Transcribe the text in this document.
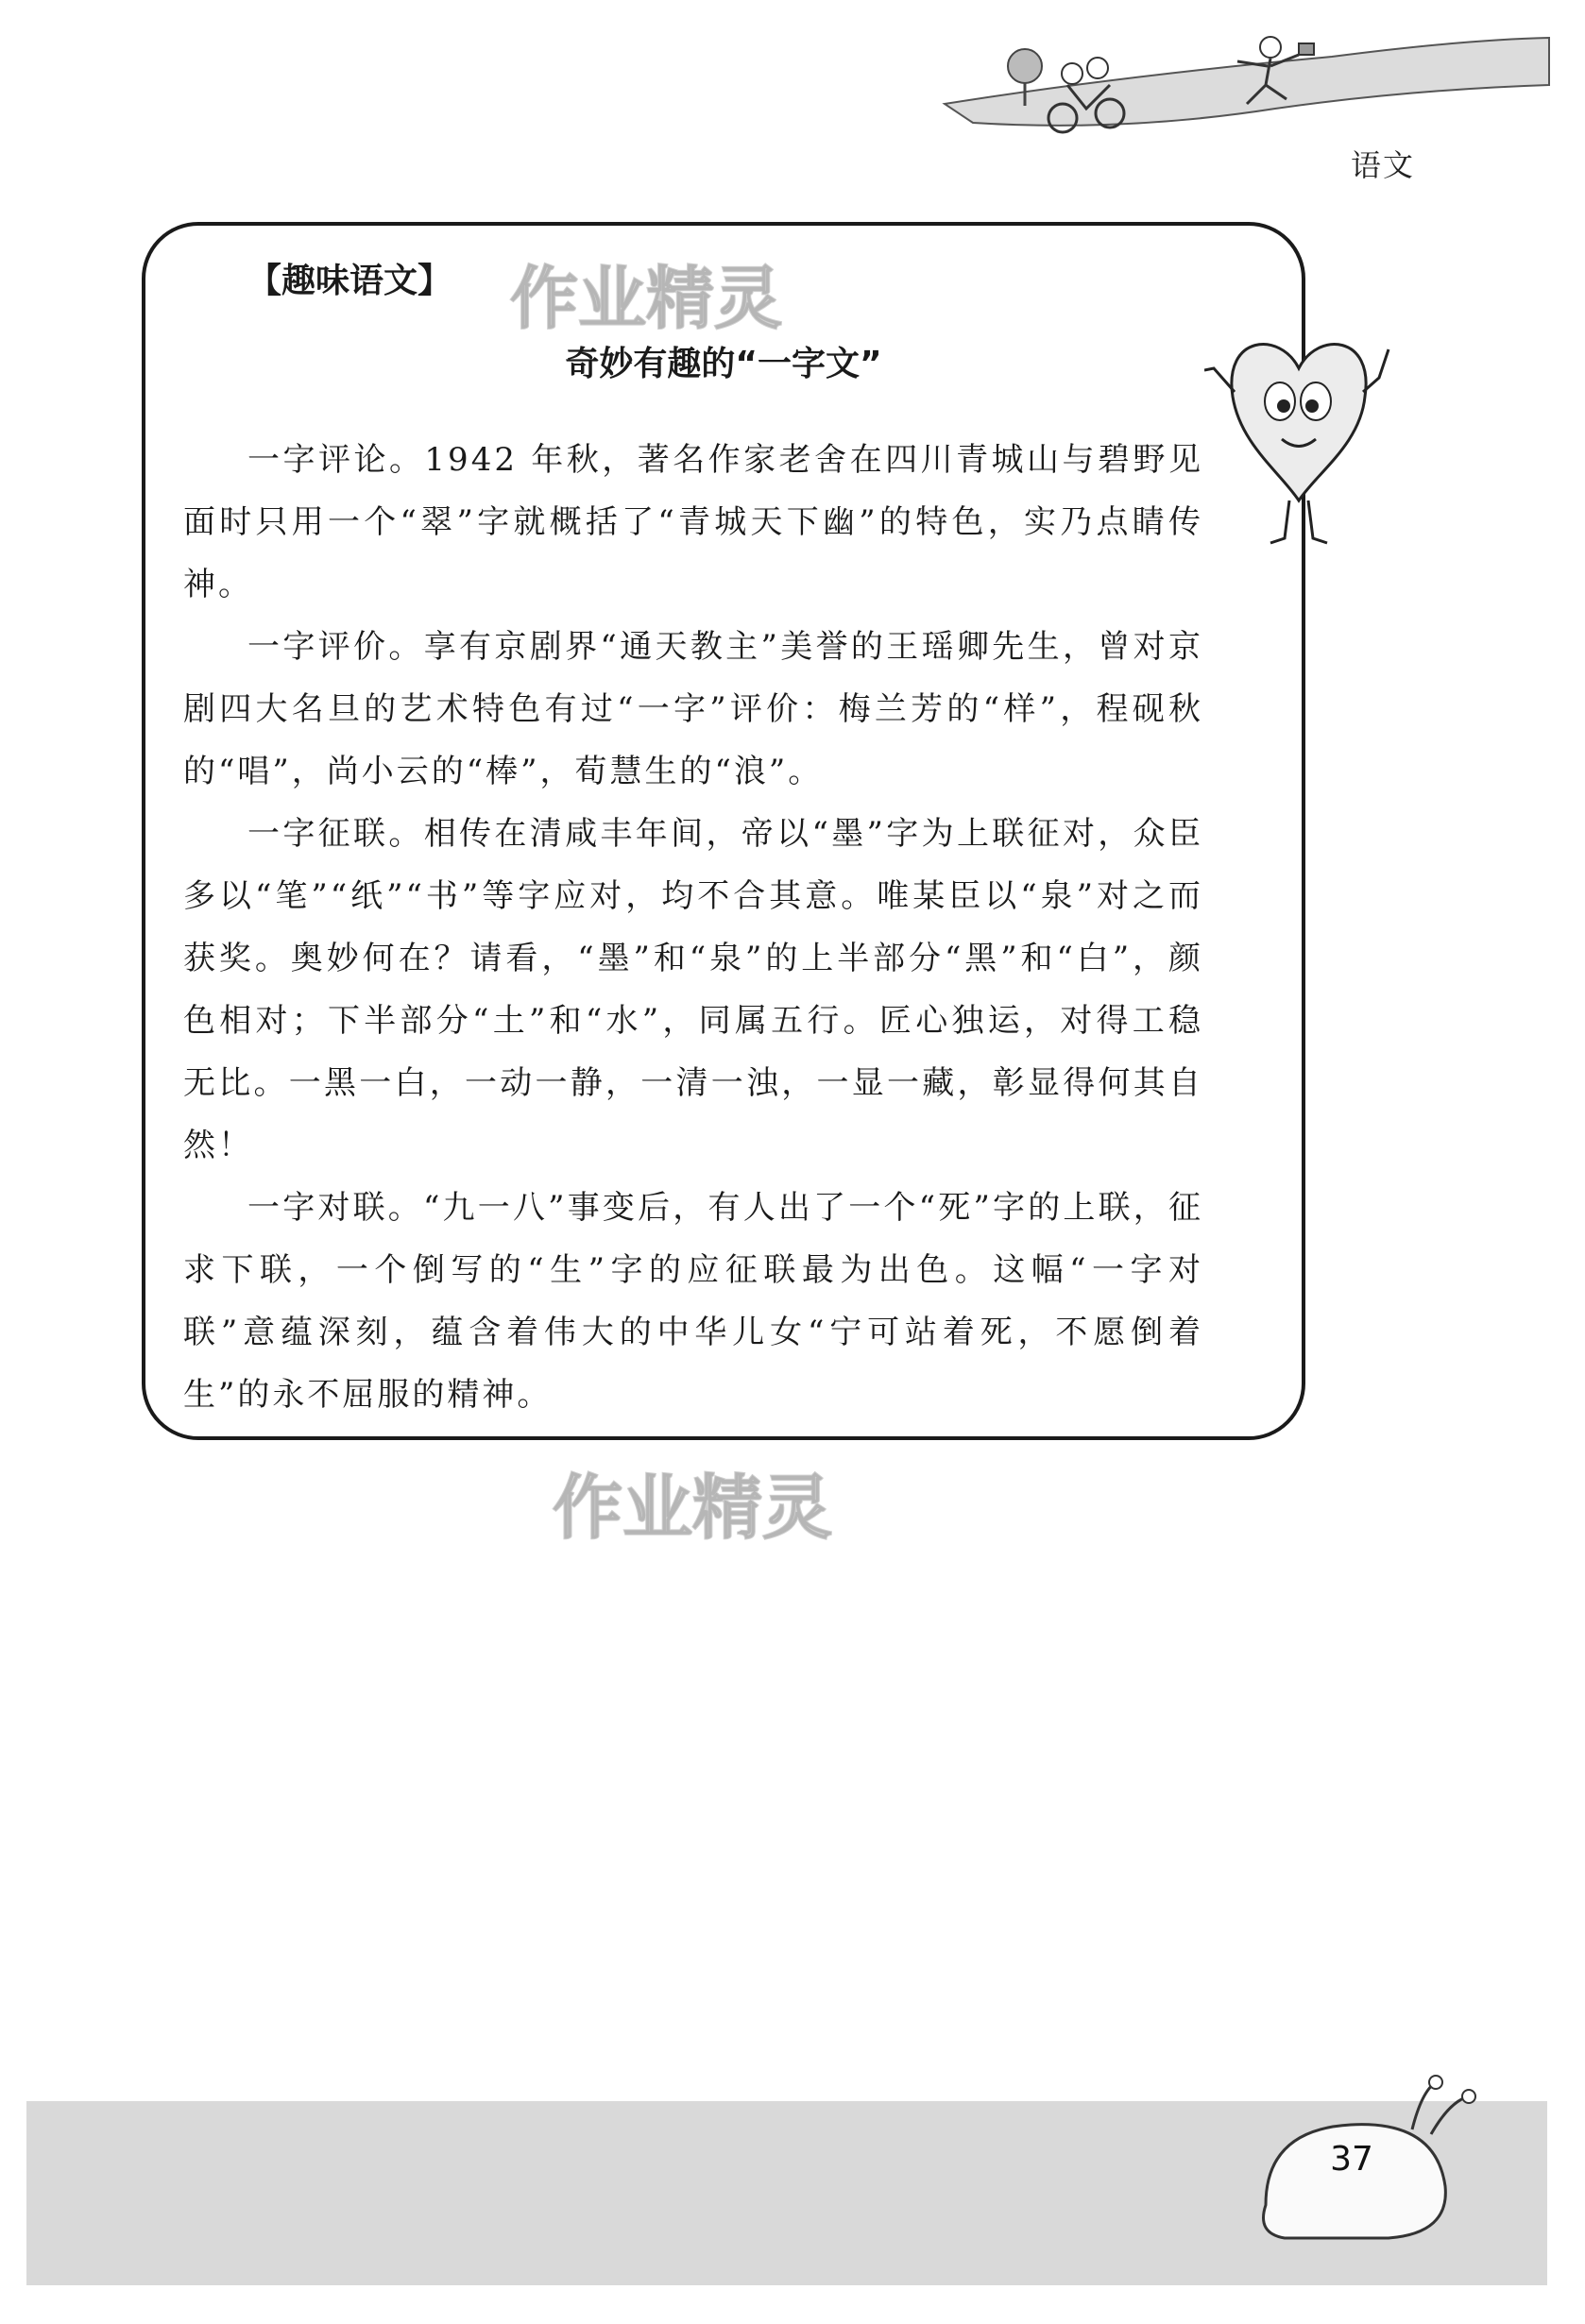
语文
作业精灵
【趣味语文】
奇妙有趣的“一字文”

一字评论。1942 年秋，著名作家老舍在四川青城山与碧野见面时只用一个“翠”字就概括了“青城天下幽”的特色，实乃点睛传神。

一字评价。享有京剧界“通天教主”美誉的王瑶卿先生，曾对京剧四大名旦的艺术特色有过“一字”评价：梅兰芳的“样”，程砚秋的“唱”，尚小云的“棒”，荀慧生的“浪”。

一字征联。相传在清咸丰年间，帝以“墨”字为上联征对，众臣多以“笔”“纸”“书”等字应对，均不合其意。唯某臣以“泉”对之而获奖。奥妙何在？请看，“墨”和“泉”的上半部分“黑”和“白”，颜色相对；下半部分“土”和“水”，同属五行。匠心独运，对得工稳无比。一黑一白，一动一静，一清一浊，一显一藏，彰显得何其自然！

一字对联。“九一八”事变后，有人出了一个“死”字的上联，征求下联，一个倒写的“生”字的应征联最为出色。这幅“一字对联”意蕴深刻，蕴含着伟大的中华儿女“宁可站着死，不愿倒着生”的永不屈服的精神。

作业精灵
37
